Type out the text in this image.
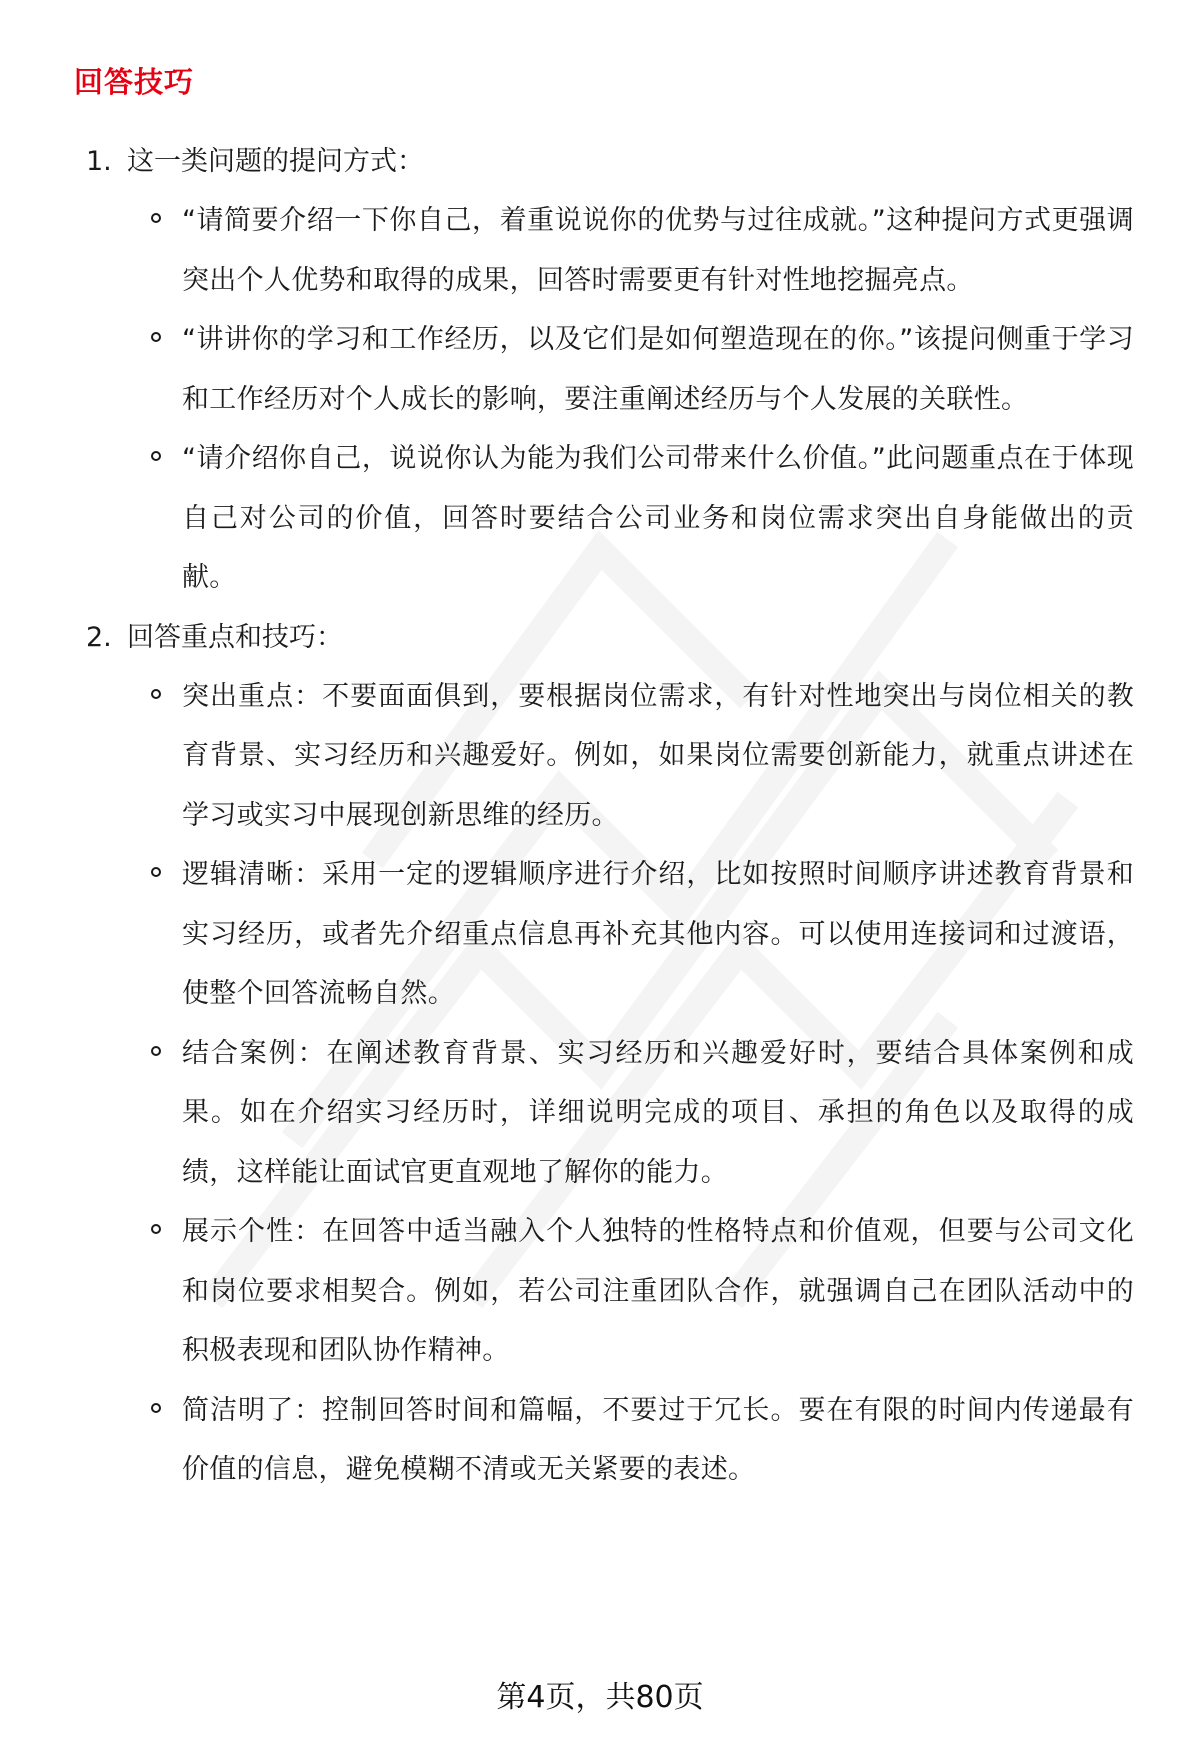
回答技巧
1. 这一类问题的提问方式：
“请简要介绍一下你自己，着重说说你的优势与过往成就。”这种提问方式更强调突出个人优势和取得的成果，回答时需要更有针对性地挖掘亮点。
“讲讲你的学习和工作经历，以及它们是如何塑造现在的你。”该提问侧重于学习和工作经历对个人成长的影响，要注重阐述经历与个人发展的关联性。
“请介绍你自己，说说你认为能为我们公司带来什么价值。”此问题重点在于体现自己对公司的价值，回答时要结合公司业务和岗位需求突出自身能做出的贡献。
2. 回答重点和技巧：
突出重点：不要面面俱到，要根据岗位需求，有针对性地突出与岗位相关的教育背景、实习经历和兴趣爱好。例如，如果岗位需要创新能力，就重点讲述在学习或实习中展现创新思维的经历。
逻辑清晰：采用一定的逻辑顺序进行介绍，比如按照时间顺序讲述教育背景和实习经历，或者先介绍重点信息再补充其他内容。可以使用连接词和过渡语，使整个回答流畅自然。
结合案例：在阐述教育背景、实习经历和兴趣爱好时，要结合具体案例和成果。如在介绍实习经历时，详细说明完成的项目、承担的角色以及取得的成绩，这样能让面试官更直观地了解你的能力。
展示个性：在回答中适当融入个人独特的性格特点和价值观，但要与公司文化和岗位要求相契合。例如，若公司注重团队合作，就强调自己在团队活动中的积极表现和团队协作精神。
简洁明了：控制回答时间和篇幅，不要过于冗长。要在有限的时间内传递最有价值的信息，避免模糊不清或无关紧要的表述。
第4页，共80页
